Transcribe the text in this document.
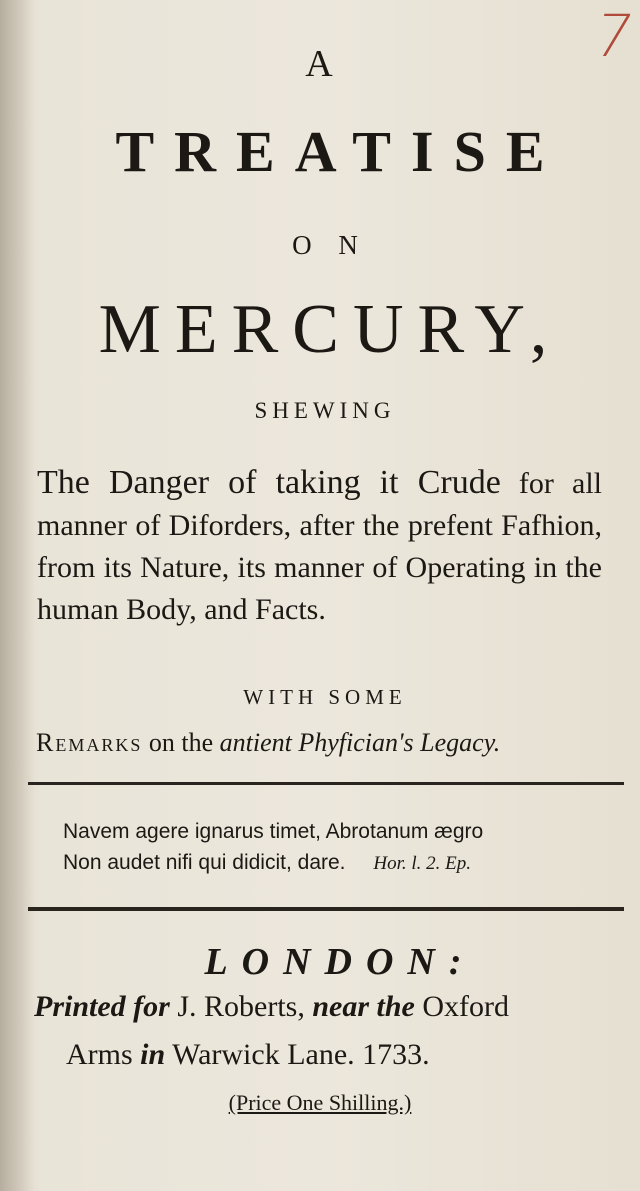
7
A
TREATISE
O N
MERCURY,
SHEWING
The Danger of taking it Crude for all manner of Diforders, after the prefent Fafhion, from its Nature, its manner of Operating in the human Body, and Facts.
WITH SOME
Remarks on the antient Phyfician's Legacy.
Navem agere ignarus timet, Abrotanum ægro
Non audet nifi qui didicit, dare. Hor. l. 2. Ep.
LONDON:
Printed for J. Roberts, near the Oxford
Arms in Warwick Lane. 1733.
(Price One Shilling.)
